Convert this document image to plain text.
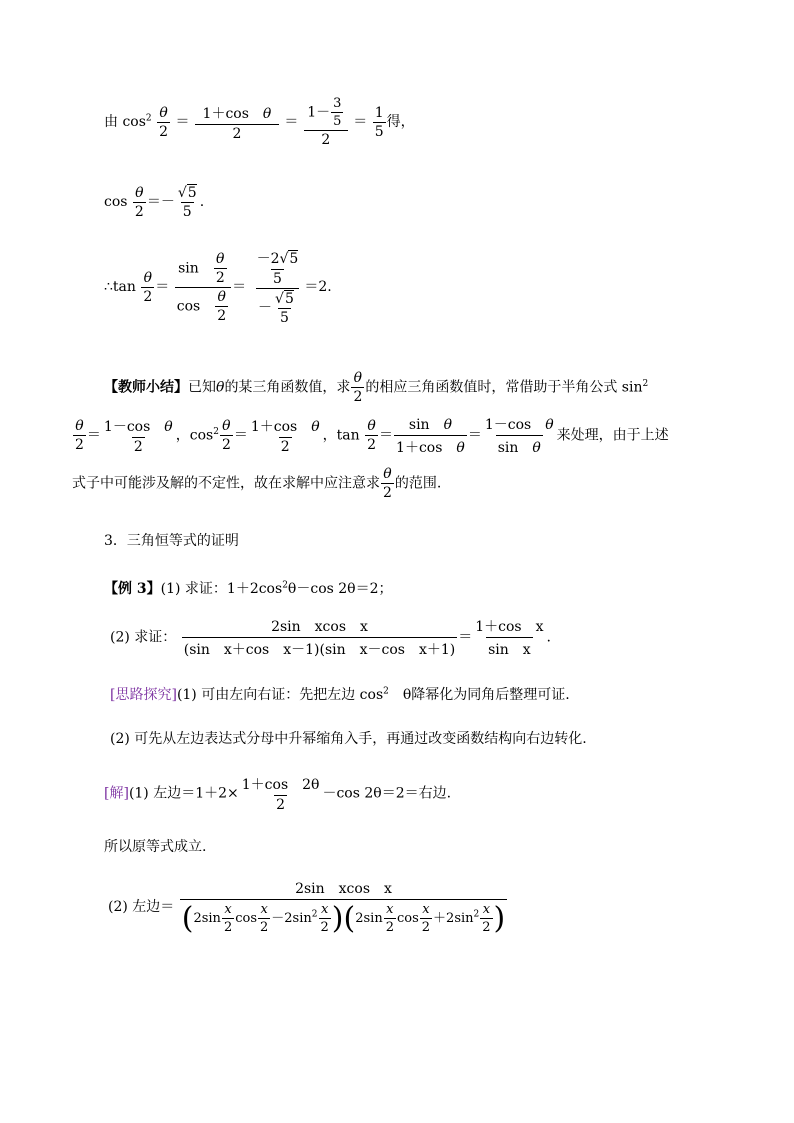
由 $\cos^2 \frac{\theta}{2} = \frac{\text{1＋cos　 θ}}{2} = \frac{1- \frac{3}{5}}{2} = \frac{1}{5}$ 得，
$\cos \frac{\theta}{2} =- \frac{√5}{5}$ .
∴tan $\frac{\theta}{2} = \frac{\sin \frac{\theta}{2}}{\cos \frac{\theta}{2}} = \frac{\frac{-2√5}{5}}{- \frac{√5}{5}} =2$.
【教师小结】已知θ的某三角函数值，求 $\frac{\theta}{2}$ 的相应三角函数值时，常借助于半角公式 $\sin^2$
$\frac{\theta}{2} = \frac{\text{1－cos　 θ}}{2}$ ，$\cos^2 \frac{\theta}{2} = \frac{\text{1＋cos　 θ}}{2}$ ，$\tan \frac{\theta}{2} = \frac{\text{sin　 θ}}{\text{1＋cos　θ}} = \frac{\text{1－cos　 θ}}{\text{sin　θ}}$ 来处理，由于上述
式子中可能涉及解的不定性，故在求解中应注意求 $\frac{\theta}{2}$ 的范围.
3．三角恒等式的证明
【例 3】(1) 求证：$1+2\cos^2\theta-\cos$ 2θ＝2；
(2) 求证： $\frac{\text{2sin　xcos　x}}{\text{(sin　x＋cos　x－1)(sin　x－cos　x＋1)}} = \frac{\text{1＋cos　x}}{\text{sin　x}}$ .
[思路探究](1) 可由左向右证：先把左边 $\cos^2$　 θ降幂化为同角后整理可证.
(2) 可先从左边表达式分母中升幂缩角入手，再通过改变函数结构向右边转化.
[解](1) 左边$=1+2\times \frac{1+\cos 2\theta}{2} -\cos$ 2θ＝2＝右边.
所以原等式成立.
(2) 左边＝ $\frac{\text{2sin　xcos　x}}{(2\sin \frac{x}{2} \cos \frac{x}{2} -2\sin^2 \frac{x}{2} )(2\sin \frac{x}{2} \cos \frac{x}{2} +2\sin^2 \frac{x}{2} )}$
